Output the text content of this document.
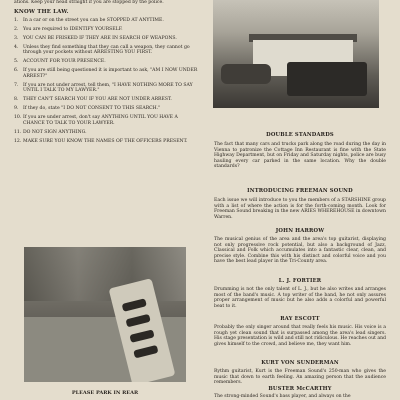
ations. Keep your head straight if you are stopped by the police.

KNOW THE LAW.

1.	In a car or on the street you can be STOPPED AT ANYTIME.
2.	You are required to IDENTIFY YOURSELF.
3.	YOU CAN BE FRISKED IF THEY ARE IN SEARCH OF WEAPONS.
4.	Unless they find something that they can call a weapon, they cannot go through your pockets without ARRESTING YOU FIRST.
5.	ACCOUNT FOR YOUR PRESENCE.
6.	If you are still being questioned it is important to ask, "AM I NOW UNDER ARREST?"
7.	If you are not under arrest, tell them, "I HAVE NOTHING MORE TO SAY UNTIL I TALK TO MY LAWYER."
8.	THEY CAN'T SEARCH YOU IF YOU ARE NOT UNDER ARREST.
9.	If they do, state "I DO NOT CONSENT TO THIS SEARCH."
10. If you are under arrest, don't say ANYTHING UNTIL YOU HAVE A CHANCE TO TALK TO YOUR LAWYER.
11. DO NOT SIGN ANYTHING.
12. MAKE SURE YOU KNOW THE NAMES OF THE OFFICERS PRESENT.
PLEASE PARK IN REAR

DOUBLE STANDARDS

The fact that many cars and trucks park along the road during the day in Vienna to patronize the Cottage Inn Restaurant is fine with the State Highway Department, but on Friday and Saturday nights, police are busy hauling every car parked in the same location. Why the double standards?

INTRODUCING FREEMAN SOUND

Each issue we will introduce to you the members of a STARSHINE group with a list of where the action is for the forth-coming month. Look for Freeman Sound breaking in the new ARIES WHEREHOUSE in downtown Warren.

JOHN HARROW

The musical genius of the area and the area's top guitarist, displaying not only progressive rock potential, but also a background of Jazz, Classical and Folk which accumulates into a fantastic clear, clean, and precise style. Combine this with his distinct and colorful voice and you have the best lead player in the Tri-County area.

L. J. FORTIER

Drumming is not the only talent of L. J., but he also writes and arranges most of the band's music. A top writer of the band, he not only assures proper arrangement of music but he also adds a colorful and powerful beat to it.

RAY ESCOTT

Probably the only singer around that really feels his music. His voice is a rough yet clean sound that is surpassed among the area's lead singers. His stage presentation is wild and still not ridiculous. He reaches out and gives himself to the crowd, and believe me, they want him.

KURT VON SUNDERMAN

Rythm guitarist, Kurt is the Freeman Sound's 250-man who gives the music that down to earth feeling. An amazing person that the audience remembers.

BUSTER McCARTHY

The strong-minded Sound's bass player, and always on the
